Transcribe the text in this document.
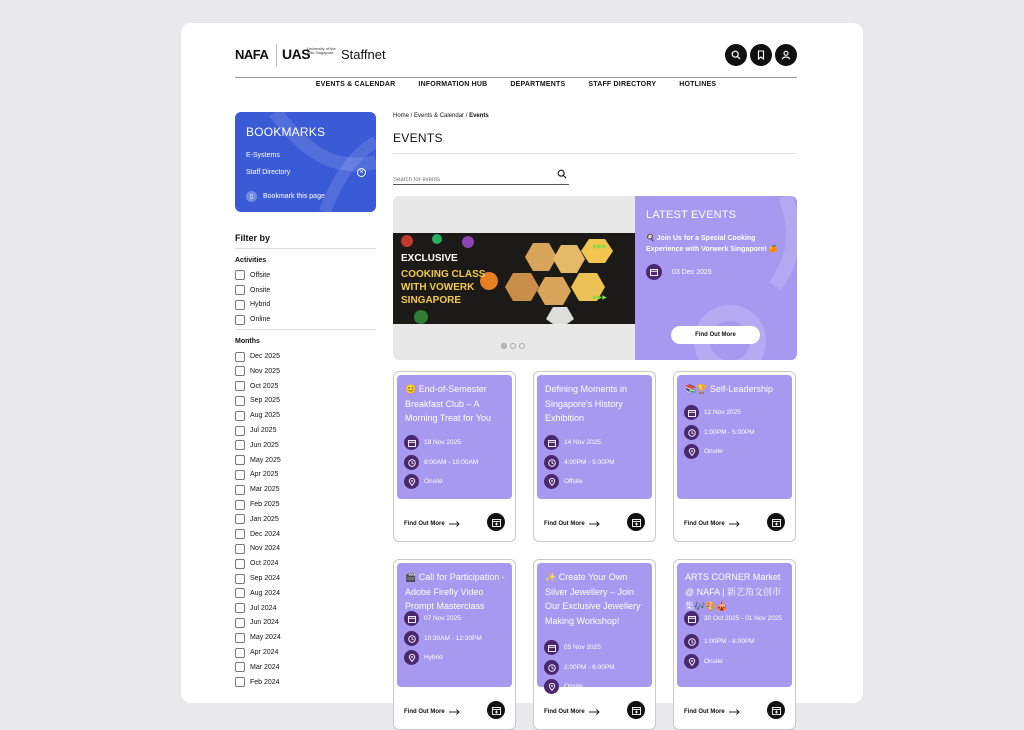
NAFA UAS
University of the Arts Singapore Staffnet
EVENTS & CALENDAR	INFORMATION HUB	DEPARTMENTS	STAFF DIRECTORY	HOTLINES
BOOKMARKS
E-Systems
Staff Directory	×
▯	Bookmark this page
Filter by
Activities
Offsite
Onsite
Hybrid
Online
Months
Dec 2025
Nov 2025
Oct 2025
Sep 2025
Aug 2025
Jul 2025
Jun 2025
May 2025
Apr 2025
Mar 2025
Feb 2025
Jan 2025
Dec 2024
Nov 2024
Oct 2024
Sep 2024
Aug 2024
Jul 2024
Jun 2024
May 2024
Apr 2024
Mar 2024
Feb 2024
Home / Events & Calendar / Events
EVENTS
Search for events
▶▶▶
▶▶▶
EXCLUSIVE
COOKING CLASS
WITH VOWERK
SINGAPORE
LATEST EVENTS
🍳 Join Us for a Special Cooking Experience with Vorwerk Singapore! 🍊
03 Dec 2025
Find Out More
😊 End-of-Semester Breakfast Club – A Morning Treat for You
18 Nov 2025
8:00AM - 10:00AM
Onsite
Find Out More
Defining Moments in Singapore's History Exhibition
14 Nov 2025
4:00PM - 5:00PM
Offsite
Find Out More
📚🏆 Self-Leadership
12 Nov 2025
1:00PM - 5:00PM
Onsite
Find Out More
🎬 Call for Participation - Adobe Firefly Video Prompt Masterclass
07 Nov 2025
10:30AM - 12:30PM
Hybrid
Find Out More
✨ Create Your Own Silver Jewellery – Join Our Exclusive Jewellery Making Workshop!
05 Nov 2025
2:00PM - 6:00PM
Onsite
Find Out More
ARTS CORNER Market @ NAFA | 新艺角文创市集🎶🎨🎪
30 Oct 2025 - 01 Nov 2025
1:00PM - 8:00PM
Onsite
Find Out More
